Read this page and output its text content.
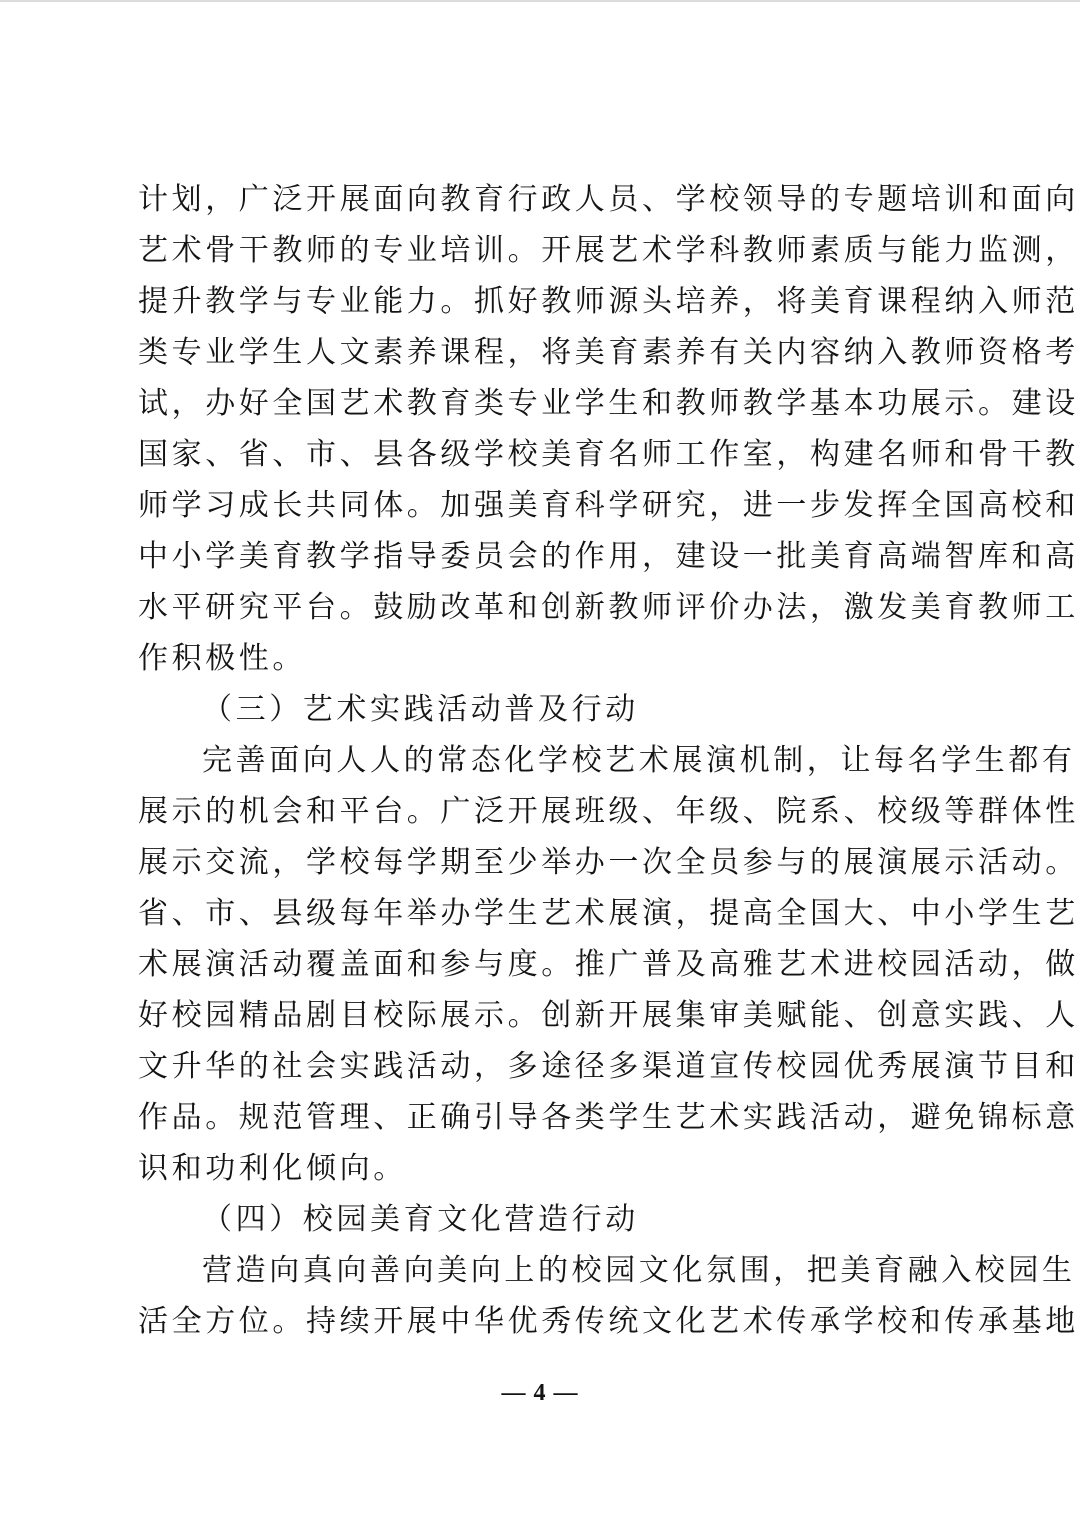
计划，广泛开展面向教育行政人员、学校领导的专题培训和面向
艺术骨干教师的专业培训。开展艺术学科教师素质与能力监测，
提升教学与专业能力。抓好教师源头培养，将美育课程纳入师范
类专业学生人文素养课程，将美育素养有关内容纳入教师资格考
试，办好全国艺术教育类专业学生和教师教学基本功展示。建设
国家、省、市、县各级学校美育名师工作室，构建名师和骨干教
师学习成长共同体。加强美育科学研究，进一步发挥全国高校和
中小学美育教学指导委员会的作用，建设一批美育高端智库和高
水平研究平台。鼓励改革和创新教师评价办法，激发美育教师工
作积极性。
（三）艺术实践活动普及行动
完善面向人人的常态化学校艺术展演机制，让每名学生都有
展示的机会和平台。广泛开展班级、年级、院系、校级等群体性
展示交流，学校每学期至少举办一次全员参与的展演展示活动。
省、市、县级每年举办学生艺术展演，提高全国大、中小学生艺
术展演活动覆盖面和参与度。推广普及高雅艺术进校园活动，做
好校园精品剧目校际展示。创新开展集审美赋能、创意实践、人
文升华的社会实践活动，多途径多渠道宣传校园优秀展演节目和
作品。规范管理、正确引导各类学生艺术实践活动，避免锦标意
识和功利化倾向。
（四）校园美育文化营造行动
营造向真向善向美向上的校园文化氛围，把美育融入校园生
活全方位。持续开展中华优秀传统文化艺术传承学校和传承基地
— 4 —
